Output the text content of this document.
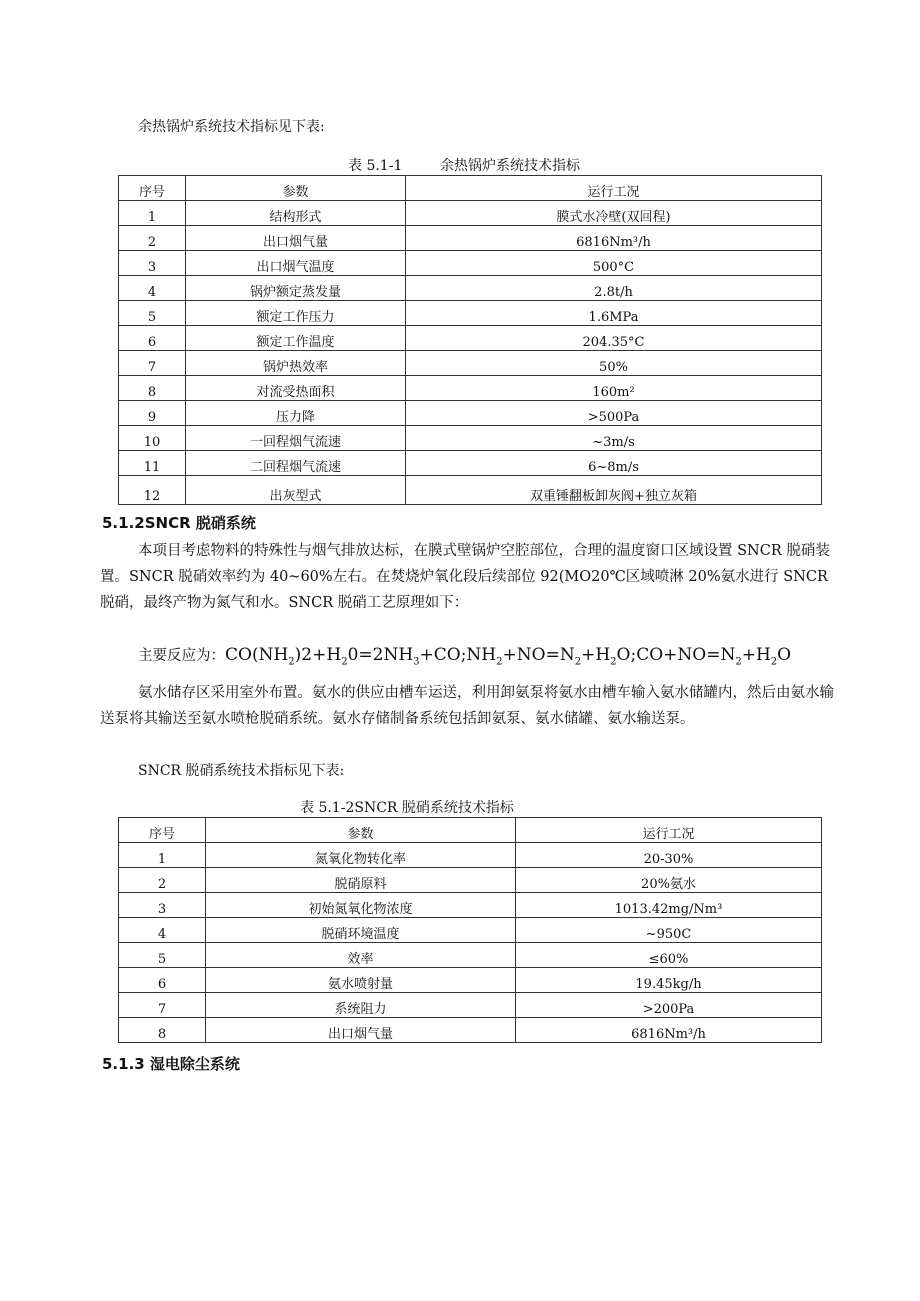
余热锅炉系统技术指标见下表:
表 5.1-1	余热锅炉系统技术指标
序号	参数	运行工况
1	结构形式	膜式水冷壁(双回程)
2	出口烟气量	6816Nm³/h
3	出口烟气温度	500°C
4	锅炉额定蒸发量	2.8t/h
5	额定工作压力	1.6MPa
6	额定工作温度	204.35°C
7	锅炉热效率	50%
8	对流受热面积	160m²
9	压力降	>500Pa
10	一回程烟气流速	~3m/s
11	二回程烟气流速	6~8m/s
12	出灰型式	双重锤翻板卸灰阀+独立灰箱
5.1.2SNCR 脱硝系统

本项目考虑物料的特殊性与烟气排放达标，在膜式壁锅炉空腔部位，合理的温度窗口区域设置 SNCR 脱硝装置。SNCR 脱硝效率约为 40~60%左右。在焚烧炉氧化段后续部位 92(MO20℃区域喷淋 20%氨水进行 SNCR 脱硝，最终产物为氮气和水。SNCR 脱硝工艺原理如下：

主要反应为：$CO(NH_2)2+H_20=2NH_3+CO;NH_2+NO=N_2+H_2O;CO+NO=N_2+H_2O$

氨水储存区采用室外布置。氨水的供应由槽车运送，利用卸氨泵将氨水由槽车输入氨水储罐内，然后由氨水输送泵将其输送至氨水喷枪脱硝系统。氨水存储制备系统包括卸氨泵、氨水储罐、氨水输送泵。

SNCR 脱硝系统技术指标见下表:
表 5.1-2SNCR 脱硝系统技术指标
序号	参数	运行工况
1	氮氧化物转化率	20-30%
2	脱硝原料	20%氨水
3	初始氮氧化物浓度	1013.42mg/Nm³
4	脱硝环境温度	~950C
5	效率	≤60%
6	氨水喷射量	19.45kg/h
7	系统阻力	>200Pa
8	出口烟气量	6816Nm³/h
5.1.3 湿电除尘系统
